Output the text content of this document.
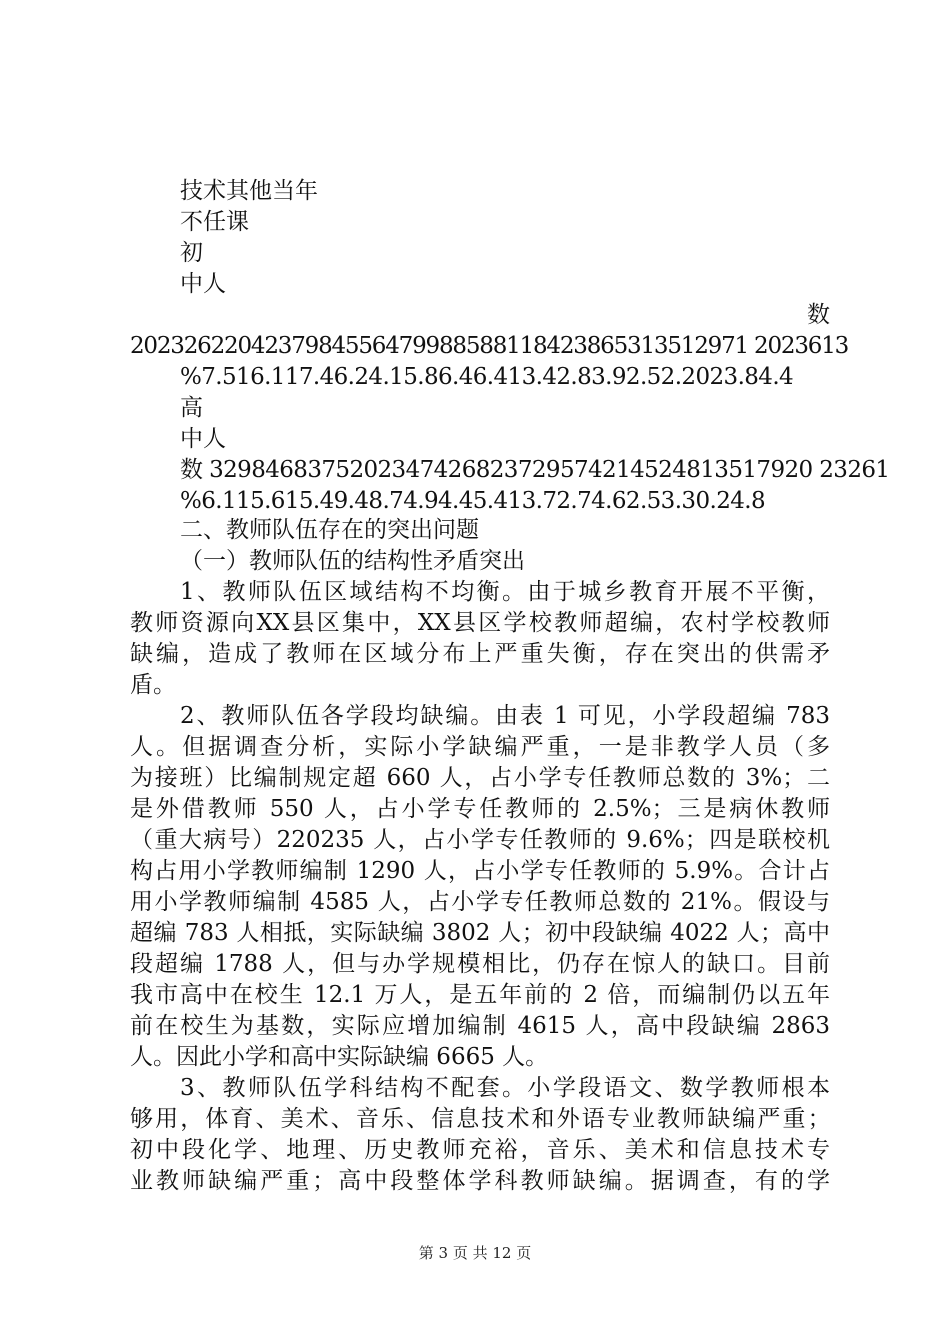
技术其他当年
不任课
初
中人
数
2023262204237984556479988588118423865313512971 2023613
%7.516.117.46.24.15.86.46.413.42.83.92.52.2023.84.4
高
中人
数 3298468375202347426823729574214524813517920 23261
%6.115.615.49.48.74.94.45.413.72.74.62.53.30.24.8
二、教师队伍存在的突出问题
（一）教师队伍的结构性矛盾突出
1、教师队伍区域结构不均衡。由于城乡教育开展不平衡，
教师资源向XX县区集中，XX县区学校教师超编，农村学校教师
缺编，造成了教师在区域分布上严重失衡，存在突出的供需矛
盾。
2、教师队伍各学段均缺编。由表 1 可见，小学段超编 783
人。但据调查分析，实际小学缺编严重，一是非教学人员（多
为接班）比编制规定超 660 人，占小学专任教师总数的 3%；二
是外借教师 550 人，占小学专任教师的 2.5%；三是病休教师
（重大病号）220235 人，占小学专任教师的 9.6%；四是联校机
构占用小学教师编制 1290 人，占小学专任教师的 5.9%。合计占
用小学教师编制 4585 人，占小学专任教师总数的 21%。假设与
超编 783 人相抵，实际缺编 3802 人；初中段缺编 4022 人；高中
段超编 1788 人，但与办学规模相比，仍存在惊人的缺口。目前
我市高中在校生 12.1 万人，是五年前的 2 倍，而编制仍以五年
前在校生为基数，实际应增加编制 4615 人，高中段缺编 2863
人。因此小学和高中实际缺编 6665 人。
3、教师队伍学科结构不配套。小学段语文、数学教师根本
够用，体育、美术、音乐、信息技术和外语专业教师缺编严重；
初中段化学、地理、历史教师充裕，音乐、美术和信息技术专
业教师缺编严重；高中段整体学科教师缺编。据调查，有的学
第 3 页 共 12 页
